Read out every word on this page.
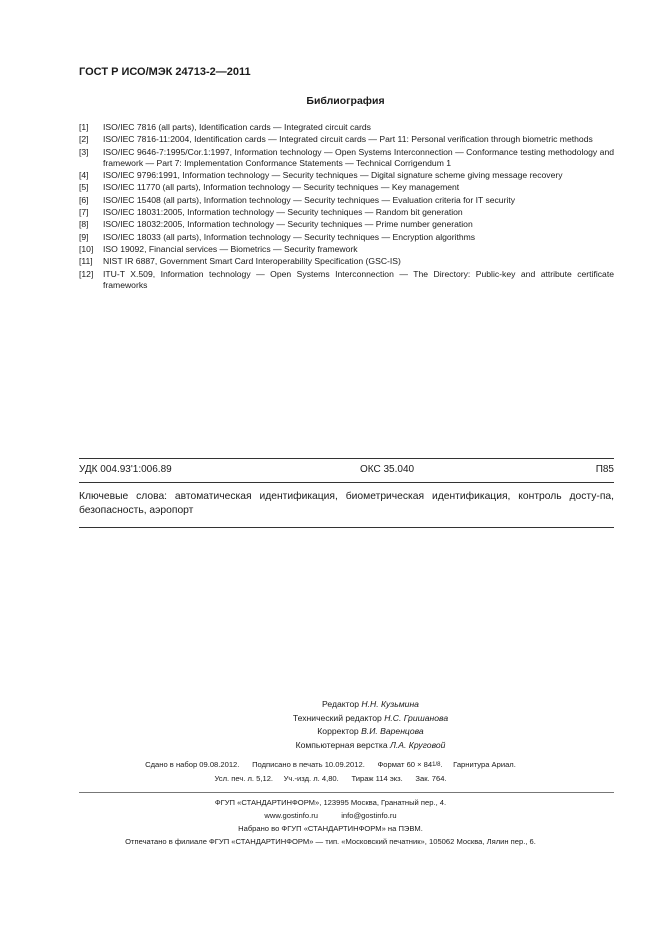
ГОСТ Р ИСО/МЭК 24713-2—2011
Библиография
[1]	ISO/IEC 7816 (all parts), Identification cards — Integrated circuit cards
[2]	ISO/IEC 7816-11:2004, Identification cards — Integrated circuit cards — Part 11: Personal verification through biometric methods
[3]	ISO/IEC 9646-7:1995/Cor.1:1997, Information technology — Open Systems Interconnection — Conformance testing methodology and framework — Part 7: Implementation Conformance Statements — Technical Corrigendum 1
[4]	ISO/IEC 9796:1991, Information technology — Security techniques — Digital signature scheme giving message recovery
[5]	ISO/IEC 11770 (all parts), Information technology — Security techniques — Key management
[6]	ISO/IEC 15408 (all parts), Information technology — Security techniques — Evaluation criteria for IT security
[7]	ISO/IEC 18031:2005, Information technology — Security techniques — Random bit generation
[8]	ISO/IEC 18032:2005, Information technology — Security techniques — Prime number generation
[9]	ISO/IEC 18033 (all parts), Information technology — Security techniques — Encryption algorithms
[10]	ISO 19092, Financial services — Biometrics — Security framework
[11]	NIST IR 6887, Government Smart Card Interoperability Specification (GSC-IS)
[12]	ITU-T X.509, Information technology — Open Systems Interconnection — The Directory: Public-key and attribute certificate frameworks
УДК 004.93'1:006.89	ОКС 35.040	П85
Ключевые слова: автоматическая идентификация, биометрическая идентификация, контроль досту-па, безопасность, аэропорт
Редактор Н.Н. Кузьмина
Технический редактор Н.С. Гришанова
Корректор В.И. Варенцова
Компьютерная верстка Л.А. Круговой
Сдано в набор 09.08.2012. Подписано в печать 10.09.2012. Формат 60 × 841/8.     Гарнитура Ариал.
Усл. печ. л. 5,12. Уч.-изд. л. 4,80. Тираж 114 экз. Зак. 764.
ФГУП «СТАНДАРТИНФОРМ», 123995 Москва, Гранатный пер., 4.
www.gostinfo.ru	info@gostinfo.ru
Набрано во ФГУП «СТАНДАРТИНФОРМ» на ПЭВМ.
Отпечатано в филиале ФГУП «СТАНДАРТИНФОРМ» — тип. «Московский печатник», 105062 Москва, Лялин пер., 6.
